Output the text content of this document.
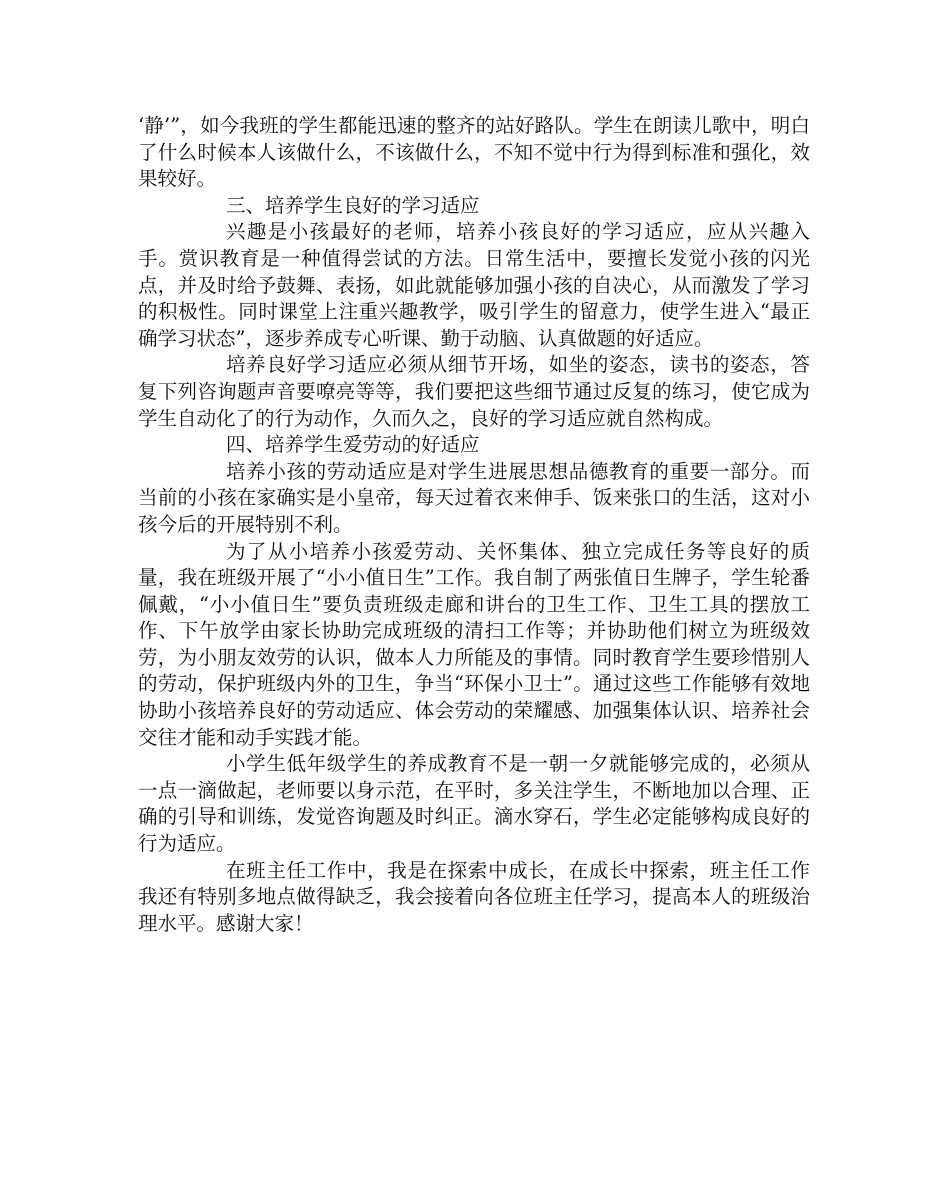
‘静’”，如今我班的学生都能迅速的整齐的站好路队。学生在朗读儿歌中，明白了什么时候本人该做什么，不该做什么，不知不觉中行为得到标准和强化，效果较好。

三、培养学生良好的学习适应

兴趣是小孩最好的老师，培养小孩良好的学习适应，应从兴趣入手。赏识教育是一种值得尝试的方法。日常生活中，要擅长发觉小孩的闪光点，并及时给予鼓舞、表扬，如此就能够加强小孩的自决心，从而激发了学习的积极性。同时课堂上注重兴趣教学，吸引学生的留意力，使学生进入“最正确学习状态”，逐步养成专心听课、勤于动脑、认真做题的好适应。

培养良好学习适应必须从细节开场，如坐的姿态，读书的姿态，答复下列咨询题声音要嘹亮等等，我们要把这些细节通过反复的练习，使它成为学生自动化了的行为动作，久而久之，良好的学习适应就自然构成。

四、培养学生爱劳动的好适应

培养小孩的劳动适应是对学生进展思想品德教育的重要一部分。而当前的小孩在家确实是小皇帝，每天过着衣来伸手、饭来张口的生活，这对小孩今后的开展特别不利。

为了从小培养小孩爱劳动、关怀集体、独立完成任务等良好的质量，我在班级开展了“小小值日生”工作。我自制了两张值日生牌子，学生轮番佩戴，“小小值日生”要负责班级走廊和讲台的卫生工作、卫生工具的摆放工作、下午放学由家长协助完成班级的清扫工作等；并协助他们树立为班级效劳，为小朋友效劳的认识，做本人力所能及的事情。同时教育学生要珍惜别人的劳动，保护班级内外的卫生，争当“环保小卫士”。通过这些工作能够有效地协助小孩培养良好的劳动适应、体会劳动的荣耀感、加强集体认识、培养社会交往才能和动手实践才能。

小学生低年级学生的养成教育不是一朝一夕就能够完成的，必须从一点一滴做起，老师要以身示范，在平时，多关注学生，不断地加以合理、正确的引导和训练，发觉咨询题及时纠正。滴水穿石，学生必定能够构成良好的行为适应。

在班主任工作中，我是在探索中成长，在成长中探索，班主任工作我还有特别多地点做得缺乏，我会接着向各位班主任学习，提高本人的班级治理水平。感谢大家！
